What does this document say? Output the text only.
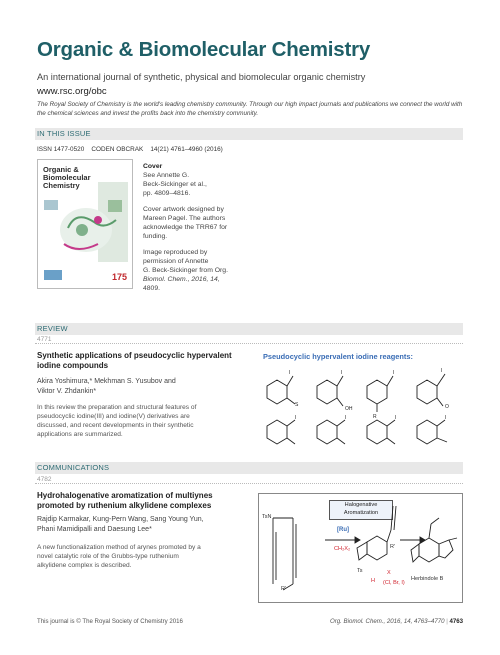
Organic & Biomolecular Chemistry
An international journal of synthetic, physical and biomolecular organic chemistry
www.rsc.org/obc
The Royal Society of Chemistry is the world's leading chemistry community. Through our high impact journals and publications we connect the world with the chemical sciences and invest the profits back into the chemistry community.
IN THIS ISSUE
ISSN 1477-0520 CODEN OBCRAK 14(21) 4761–4960 (2016)
Organic &
Biomolecular
Chemistry
175

Cover
See Annette G.
Beck-Sickinger et al.,
pp. 4809–4816.

Cover artwork designed by
Mareen Pagel. The authors
acknowledge the TRR67 for
funding.

Image reproduced by
permission of Annette
G. Beck-Sickinger from Org.
Biomol. Chem., 2016, 14,
4809.

REVIEW
4771
Synthetic applications of pseudocyclic hypervalent
iodine compounds
Akira Yoshimura,* Mekhman S. Yusubov and
Viktor V. Zhdankin*
In this review the preparation and structural features of
pseudocyclic iodine(III) and iodine(V) derivatives are
discussed, and recent developments in their synthetic
applications are summarized.
Pseudocyclic hypervalent iodine reagents:
I
S
I
OH
I
R
I
O
I	I	I	I
COMMUNICATIONS
4782
Hydrohalogenative aromatization of multiynes
promoted by ruthenium alkylidene complexes
Rajdip Karmakar, Kung-Pern Wang, Sang Young Yun,
Phani Mamidipalli and Daesung Lee*
A new functionalization method of arynes promoted by a
novel catalytic role of the Grubbs-type ruthenium
alkylidene complex is described.
Halogenative
Aromatization
TsN
[Ru]
CH₂X₂
Ts
H
X
(Cl, Br, I)
R'
R'
Herbindole B
This journal is © The Royal Society of Chemistry 2016	Org. Biomol. Chem., 2016, 14, 4763–4770 | 4763
